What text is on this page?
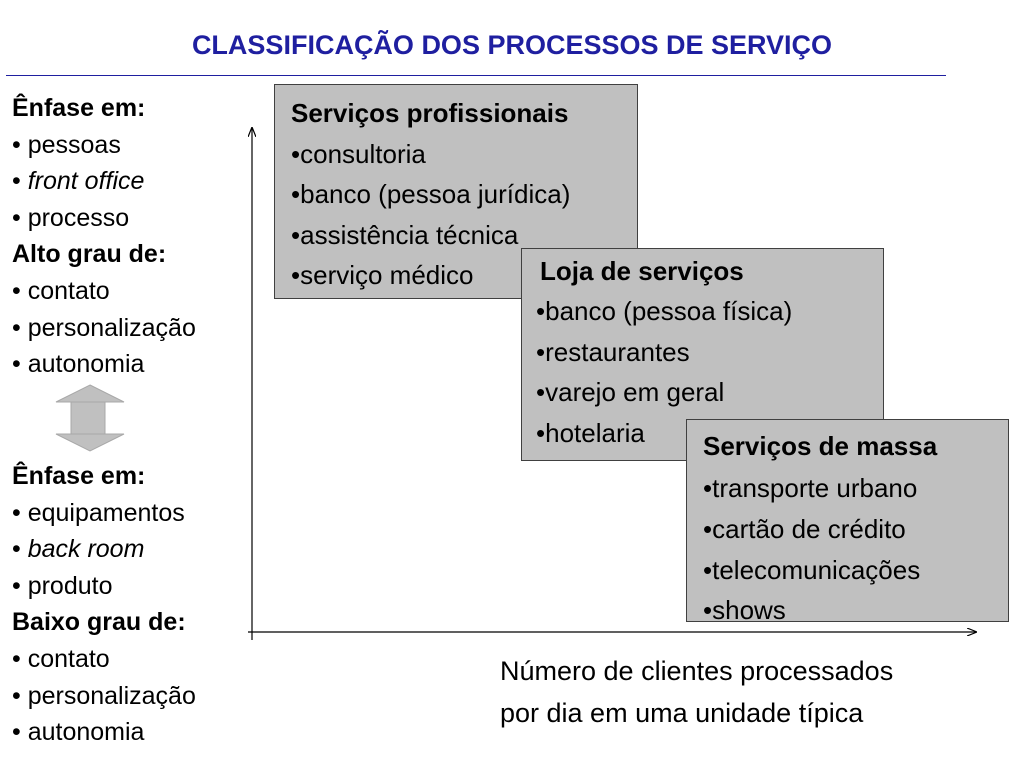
CLASSIFICAÇÃO DOS PROCESSOS DE SERVIÇO
Ênfase em:
• pessoas
• front office
• processo
Alto grau de:
• contato
• personalização
• autonomia
Ênfase em:
• equipamentos
• back room
• produto
Baixo grau de:
• contato
• personalização
• autonomia
Serviços profissionais
•consultoria
•banco (pessoa jurídica)
•assistência técnica
•serviço médico	Loja de serviços
•banco (pessoa física)
•restaurantes
•varejo em geral
•hotelaria	Serviços de massa
•transporte urbano
•cartão de crédito
•telecomunicações
•shows
Número de clientes processados
por dia em uma unidade típica
